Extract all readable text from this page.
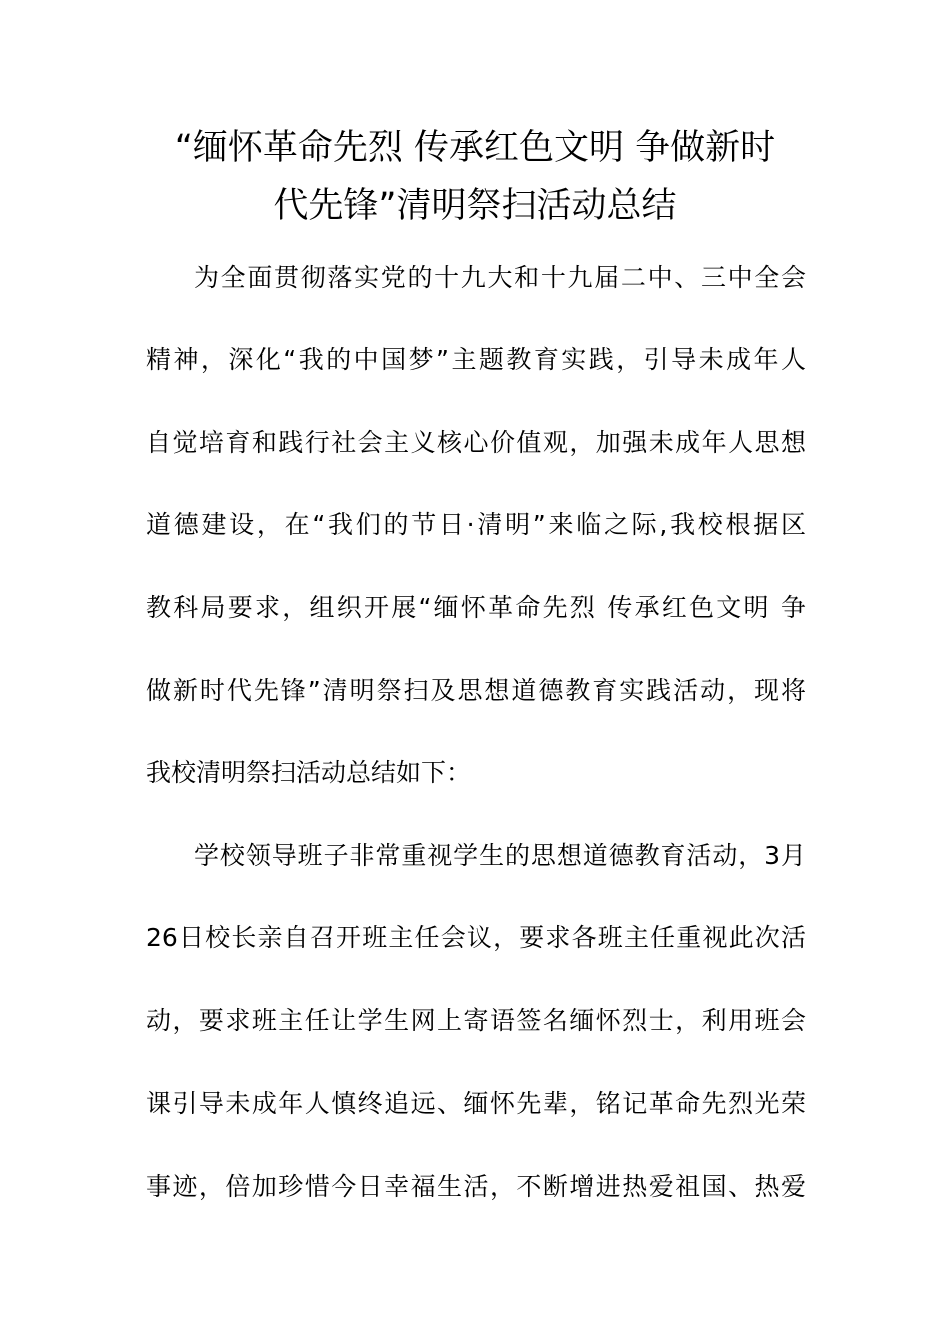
“缅怀革命先烈 传承红色文明 争做新时
代先锋”清明祭扫活动总结

为全面贯彻落实党的十九大和十九届二中、三中全会

精神，深化“我的中国梦”主题教育实践，引导未成年人

自觉培育和践行社会主义核心价值观，加强未成年人思想

道德建设，在“我们的节日·清明”来临之际,我校根据区

教科局要求，组织开展“缅怀革命先烈 传承红色文明 争

做新时代先锋”清明祭扫及思想道德教育实践活动，现将

我校清明祭扫活动总结如下：

学校领导班子非常重视学生的思想道德教育活动，3月

26日校长亲自召开班主任会议，要求各班主任重视此次活

动，要求班主任让学生网上寄语签名缅怀烈士，利用班会

课引导未成年人慎终追远、缅怀先辈，铭记革命先烈光荣

事迹，倍加珍惜今日幸福生活，不断增进热爱祖国、热爱
